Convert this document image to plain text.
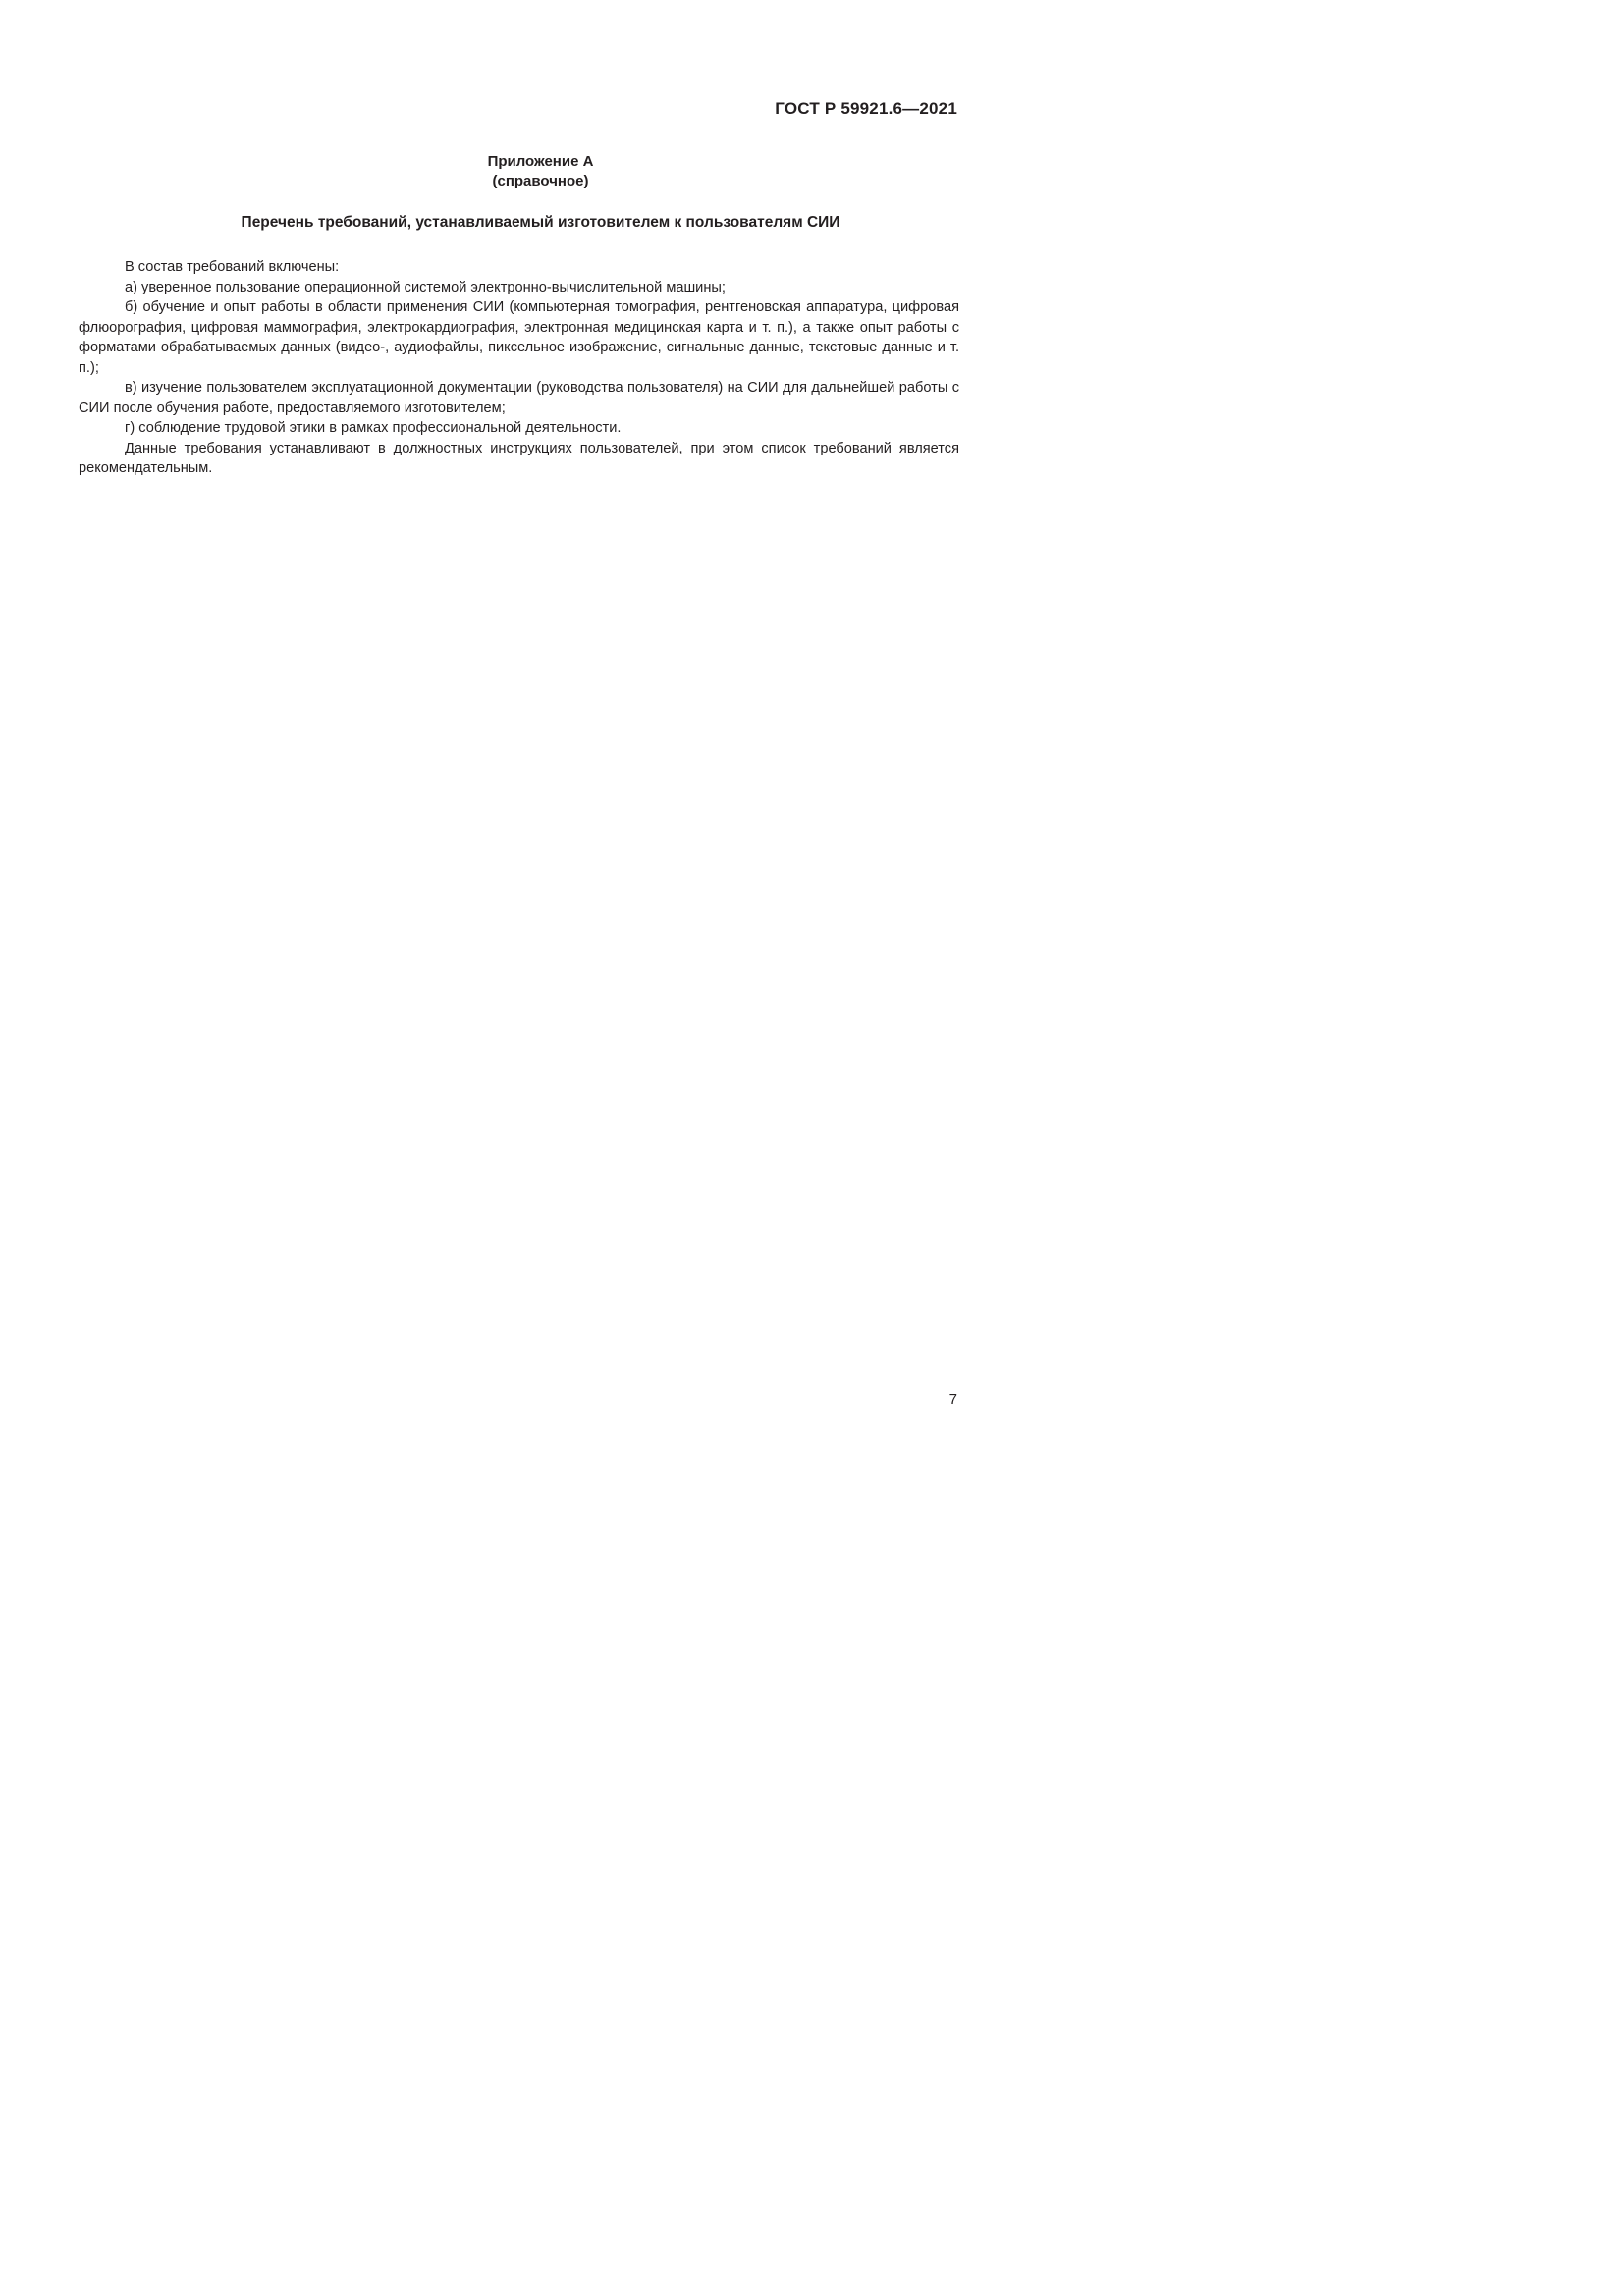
ГОСТ Р 59921.6—2021
Приложение А
(справочное)
Перечень требований, устанавливаемый изготовителем к пользователям СИИ

В состав требований включены:

а) уверенное пользование операционной системой электронно-вычислительной машины;

б) обучение и опыт работы в области применения СИИ (компьютерная томография, рентгеновская аппаратура, цифровая флюорография, цифровая маммография, электрокардиография, электронная медицинская карта и т. п.), а также опыт работы с форматами обрабатываемых данных (видео-, аудиофайлы, пиксельное изображение, сигнальные данные, текстовые данные и т. п.);

в) изучение пользователем эксплуатационной документации (руководства пользователя) на СИИ для дальнейшей работы с СИИ после обучения работе, предоставляемого изготовителем;

г) соблюдение трудовой этики в рамках профессиональной деятельности.

Данные требования устанавливают в должностных инструкциях пользователей, при этом список требований является рекомендательным.

7
